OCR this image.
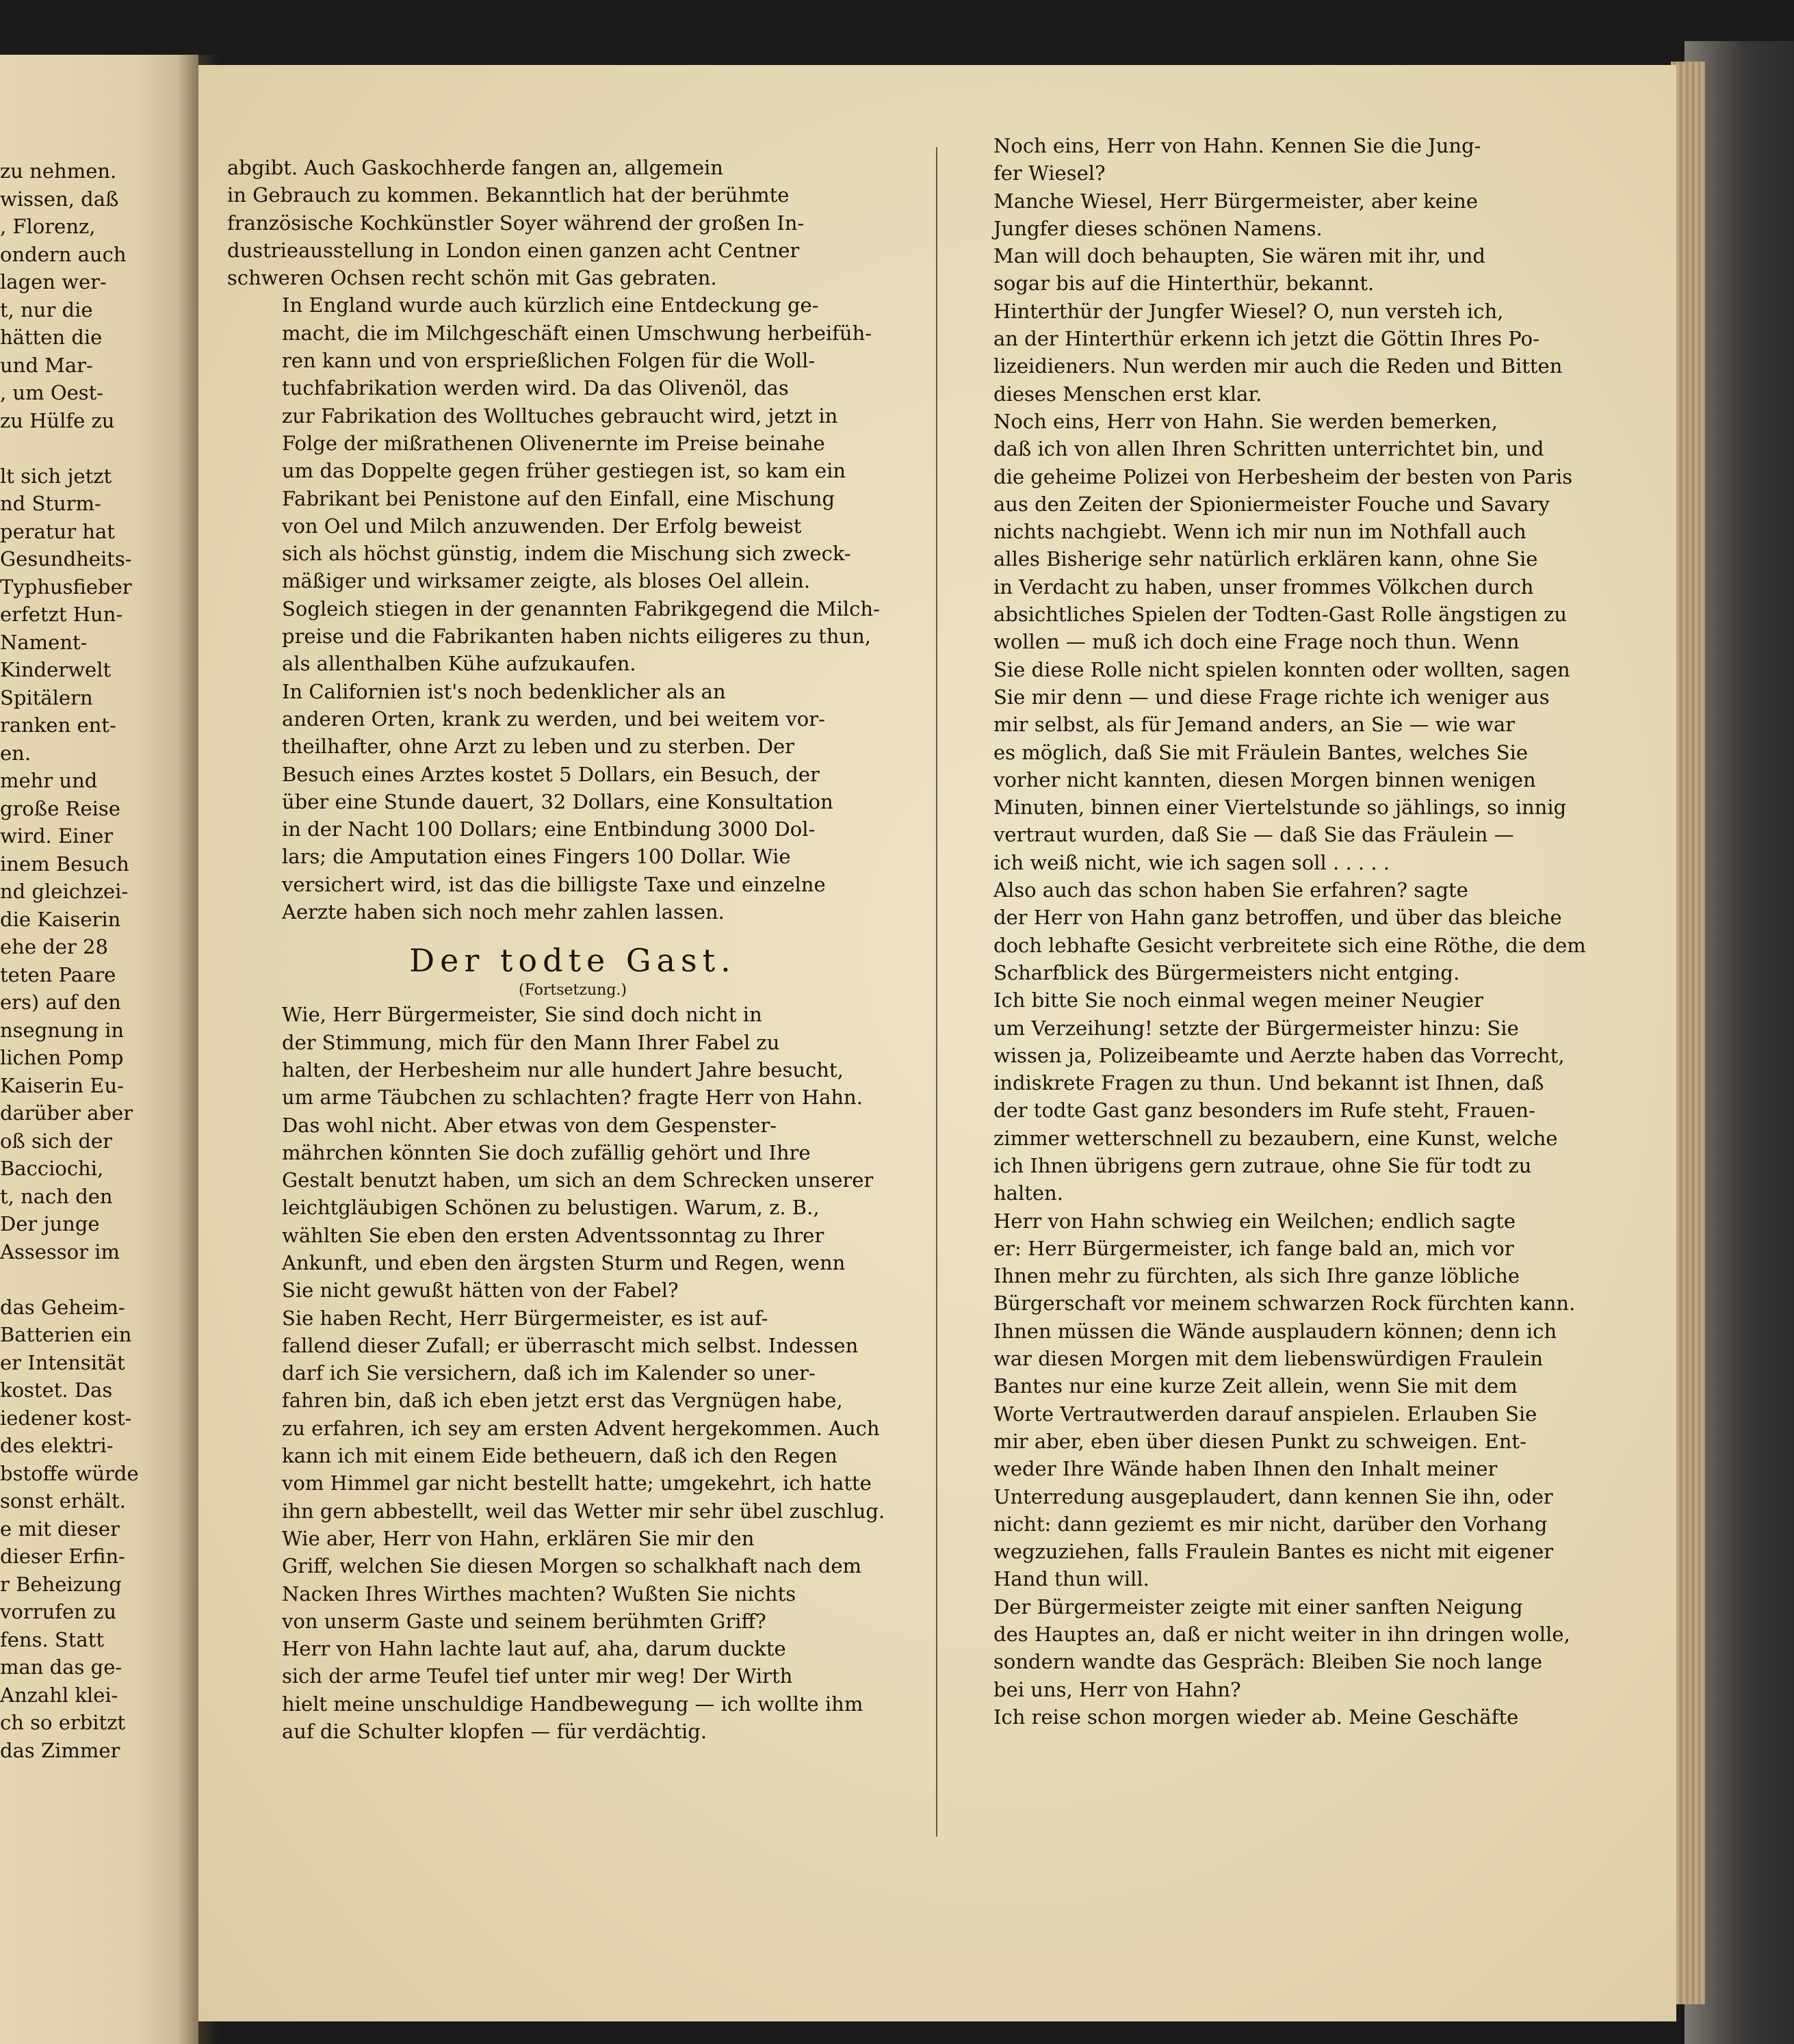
zu nehmen.
wissen, daß
, Florenz,
ondern auch
lagen wer-
t, nur die
hätten die
und Mar-
, um Oest-
zu Hülfe zu

lt sich jetzt
nd Sturm-
peratur hat
Gesundheits-
Typhusfieber
erfetzt Hun-
Nament-
Kinderwelt
Spitälern
ranken ent-
en.
mehr und
große Reise
wird. Einer
inem Besuch
nd gleichzei-
die Kaiserin
ehe der 28
teten Paare
ers) auf den
nsegnung in
lichen Pomp
Kaiserin Eu-
darüber aber
oß sich der
Bacciochi,
t, nach den
Der junge
Assessor im

das Geheim-
Batterien ein
er Intensität
kostet. Das
iedener kost-
des elektri-
bstoffe würde
sonst erhält.
e mit dieser
dieser Erfin-
r Beheizung
vorrufen zu
fens. Statt
man das ge-
Anzahl klei-
ch so erbitzt
das Zimmer

abgibt. Auch Gaskochherde fangen an, allgemein
in Gebrauch zu kommen. Bekanntlich hat der berühmte
französische Kochkünstler Soyer während der großen In-
dustrieausstellung in London einen ganzen acht Centner
schweren Ochsen recht schön mit Gas gebraten.

In England wurde auch kürzlich eine Entdeckung ge-
macht, die im Milchgeschäft einen Umschwung herbeifüh-
ren kann und von ersprießlichen Folgen für die Woll-
tuchfabrikation werden wird. Da das Olivenöl, das
zur Fabrikation des Wolltuches gebraucht wird, jetzt in
Folge der mißrathenen Olivenernte im Preise beinahe
um das Doppelte gegen früher gestiegen ist, so kam ein
Fabrikant bei Penistone auf den Einfall, eine Mischung
von Oel und Milch anzuwenden. Der Erfolg beweist
sich als höchst günstig, indem die Mischung sich zweck-
mäßiger und wirksamer zeigte, als bloses Oel allein.
Sogleich stiegen in der genannten Fabrikgegend die Milch-
preise und die Fabrikanten haben nichts eiligeres zu thun,
als allenthalben Kühe aufzukaufen.

In Californien ist's noch bedenklicher als an
anderen Orten, krank zu werden, und bei weitem vor-
theilhafter, ohne Arzt zu leben und zu sterben. Der
Besuch eines Arztes kostet 5 Dollars, ein Besuch, der
über eine Stunde dauert, 32 Dollars, eine Konsultation
in der Nacht 100 Dollars; eine Entbindung 3000 Dol-
lars; die Amputation eines Fingers 100 Dollar. Wie
versichert wird, ist das die billigste Taxe und einzelne
Aerzte haben sich noch mehr zahlen lassen.

Der todte Gast.
(Fortsetzung.)

Wie, Herr Bürgermeister, Sie sind doch nicht in
der Stimmung, mich für den Mann Ihrer Fabel zu
halten, der Herbesheim nur alle hundert Jahre besucht,
um arme Täubchen zu schlachten? fragte Herr von Hahn.

Das wohl nicht. Aber etwas von dem Gespenster-
mährchen könnten Sie doch zufällig gehört und Ihre
Gestalt benutzt haben, um sich an dem Schrecken unserer
leichtgläubigen Schönen zu belustigen. Warum, z. B.,
wählten Sie eben den ersten Adventssonntag zu Ihrer
Ankunft, und eben den ärgsten Sturm und Regen, wenn
Sie nicht gewußt hätten von der Fabel?

Sie haben Recht, Herr Bürgermeister, es ist auf-
fallend dieser Zufall; er überrascht mich selbst. Indessen
darf ich Sie versichern, daß ich im Kalender so uner-
fahren bin, daß ich eben jetzt erst das Vergnügen habe,
zu erfahren, ich sey am ersten Advent hergekommen. Auch
kann ich mit einem Eide betheuern, daß ich den Regen
vom Himmel gar nicht bestellt hatte; umgekehrt, ich hatte
ihn gern abbestellt, weil das Wetter mir sehr übel zuschlug.

Wie aber, Herr von Hahn, erklären Sie mir den
Griff, welchen Sie diesen Morgen so schalkhaft nach dem
Nacken Ihres Wirthes machten? Wußten Sie nichts
von unserm Gaste und seinem berühmten Griff?

Herr von Hahn lachte laut auf, aha, darum duckte
sich der arme Teufel tief unter mir weg! Der Wirth
hielt meine unschuldige Handbewegung — ich wollte ihm
auf die Schulter klopfen — für verdächtig.

Noch eins, Herr von Hahn. Kennen Sie die Jung-
fer Wiesel?

Manche Wiesel, Herr Bürgermeister, aber keine
Jungfer dieses schönen Namens.

Man will doch behaupten, Sie wären mit ihr, und
sogar bis auf die Hinterthür, bekannt.

Hinterthür der Jungfer Wiesel? O, nun versteh ich,
an der Hinterthür erkenn ich jetzt die Göttin Ihres Po-
lizeidieners. Nun werden mir auch die Reden und Bitten
dieses Menschen erst klar.

Noch eins, Herr von Hahn. Sie werden bemerken,
daß ich von allen Ihren Schritten unterrichtet bin, und
die geheime Polizei von Herbesheim der besten von Paris
aus den Zeiten der Spioniermeister Fouche und Savary
nichts nachgiebt. Wenn ich mir nun im Nothfall auch
alles Bisherige sehr natürlich erklären kann, ohne Sie
in Verdacht zu haben, unser frommes Völkchen durch
absichtliches Spielen der Todten-Gast Rolle ängstigen zu
wollen — muß ich doch eine Frage noch thun. Wenn
Sie diese Rolle nicht spielen konnten oder wollten, sagen
Sie mir denn — und diese Frage richte ich weniger aus
mir selbst, als für Jemand anders, an Sie — wie war
es möglich, daß Sie mit Fräulein Bantes, welches Sie
vorher nicht kannten, diesen Morgen binnen wenigen
Minuten, binnen einer Viertelstunde so jählings, so innig
vertraut wurden, daß Sie — daß Sie das Fräulein —
ich weiß nicht, wie ich sagen soll . . . . .

Also auch das schon haben Sie erfahren? sagte
der Herr von Hahn ganz betroffen, und über das bleiche
doch lebhafte Gesicht verbreitete sich eine Röthe, die dem
Scharfblick des Bürgermeisters nicht entging.

Ich bitte Sie noch einmal wegen meiner Neugier
um Verzeihung! setzte der Bürgermeister hinzu: Sie
wissen ja, Polizeibeamte und Aerzte haben das Vorrecht,
indiskrete Fragen zu thun. Und bekannt ist Ihnen, daß
der todte Gast ganz besonders im Rufe steht, Frauen-
zimmer wetterschnell zu bezaubern, eine Kunst, welche
ich Ihnen übrigens gern zutraue, ohne Sie für todt zu
halten.

Herr von Hahn schwieg ein Weilchen; endlich sagte
er: Herr Bürgermeister, ich fange bald an, mich vor
Ihnen mehr zu fürchten, als sich Ihre ganze löbliche
Bürgerschaft vor meinem schwarzen Rock fürchten kann.
Ihnen müssen die Wände ausplaudern können; denn ich
war diesen Morgen mit dem liebenswürdigen Fraulein
Bantes nur eine kurze Zeit allein, wenn Sie mit dem
Worte Vertrautwerden darauf anspielen. Erlauben Sie
mir aber, eben über diesen Punkt zu schweigen. Ent-
weder Ihre Wände haben Ihnen den Inhalt meiner
Unterredung ausgeplaudert, dann kennen Sie ihn, oder
nicht: dann geziemt es mir nicht, darüber den Vorhang
wegzuziehen, falls Fraulein Bantes es nicht mit eigener
Hand thun will.

Der Bürgermeister zeigte mit einer sanften Neigung
des Hauptes an, daß er nicht weiter in ihn dringen wolle,
sondern wandte das Gespräch: Bleiben Sie noch lange
bei uns, Herr von Hahn?

Ich reise schon morgen wieder ab. Meine Geschäfte
